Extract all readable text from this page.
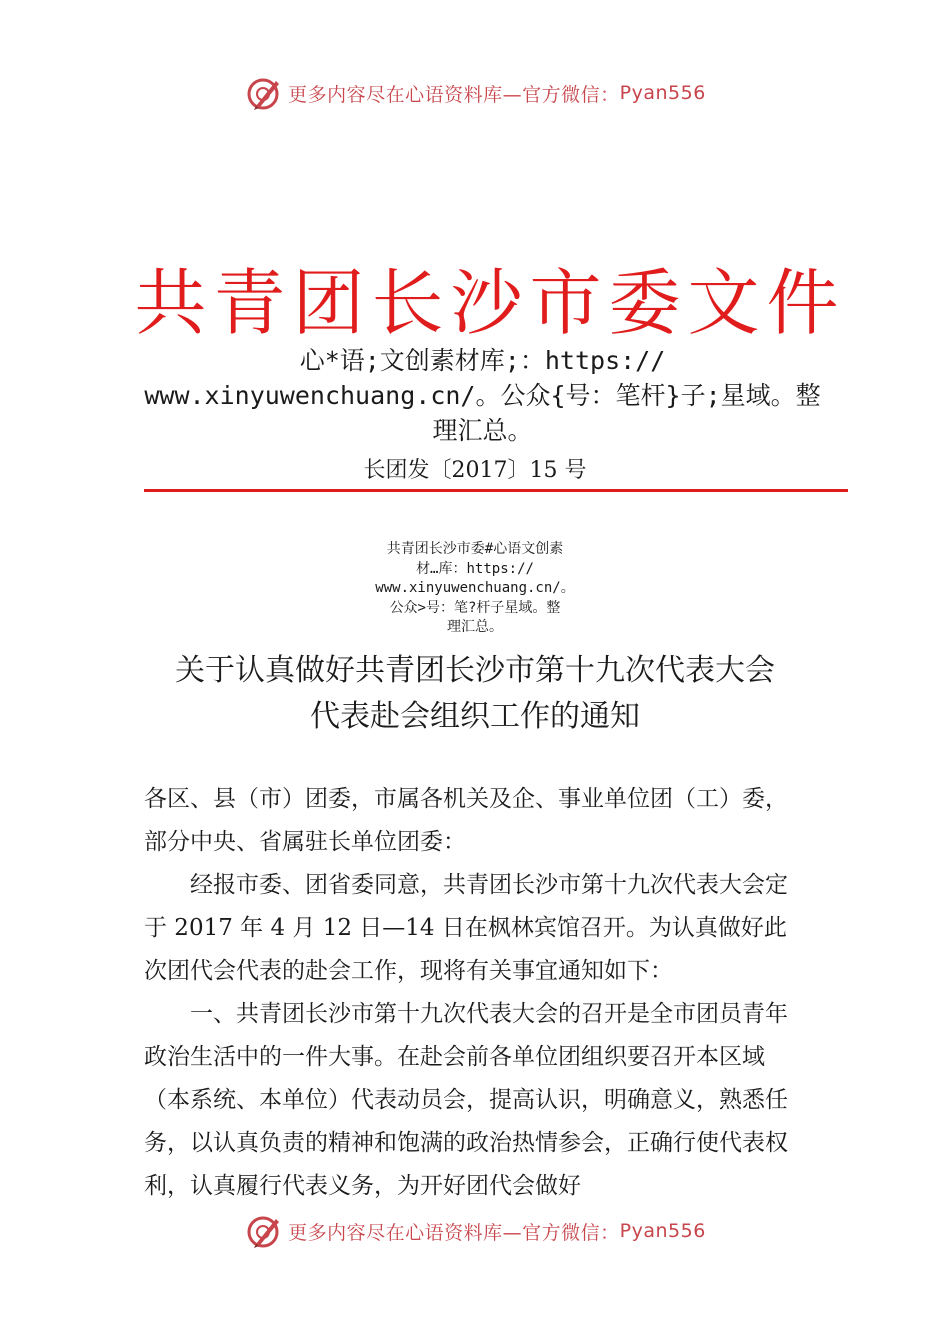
更多内容尽在心语资料库—官方微信： Pyan556
共青团长沙市委文件
心*语;文创素材库;：https://
www.xinyuwenchuang.cn/。公众{号：笔杆}子;星域。整
理汇总。
长团发〔2017〕15 号
共青团长沙市委#心语文创素
材…库：https://
www.xinyuwenchuang.cn/。
公众>号：笔?杆子星域。整
理汇总。
关于认真做好共青团长沙市第十九次代表大会
代表赴会组织工作的通知

各区、县（市）团委，市属各机关及企、事业单位团（工）委，部分中央、省属驻长单位团委：

经报市委、团省委同意，共青团长沙市第十九次代表大会定于 2017 年 4 月 12 日—14 日在枫林宾馆召开。为认真做好此次团代会代表的赴会工作，现将有关事宜通知如下：

一、共青团长沙市第十九次代表大会的召开是全市团员青年政治生活中的一件大事。在赴会前各单位团组织要召开本区域（本系统、本单位）代表动员会，提高认识，明确意义，熟悉任务，以认真负责的精神和饱满的政治热情参会，正确行使代表权利，认真履行代表义务，为开好团代会做好

更多内容尽在心语资料库—官方微信： Pyan556
